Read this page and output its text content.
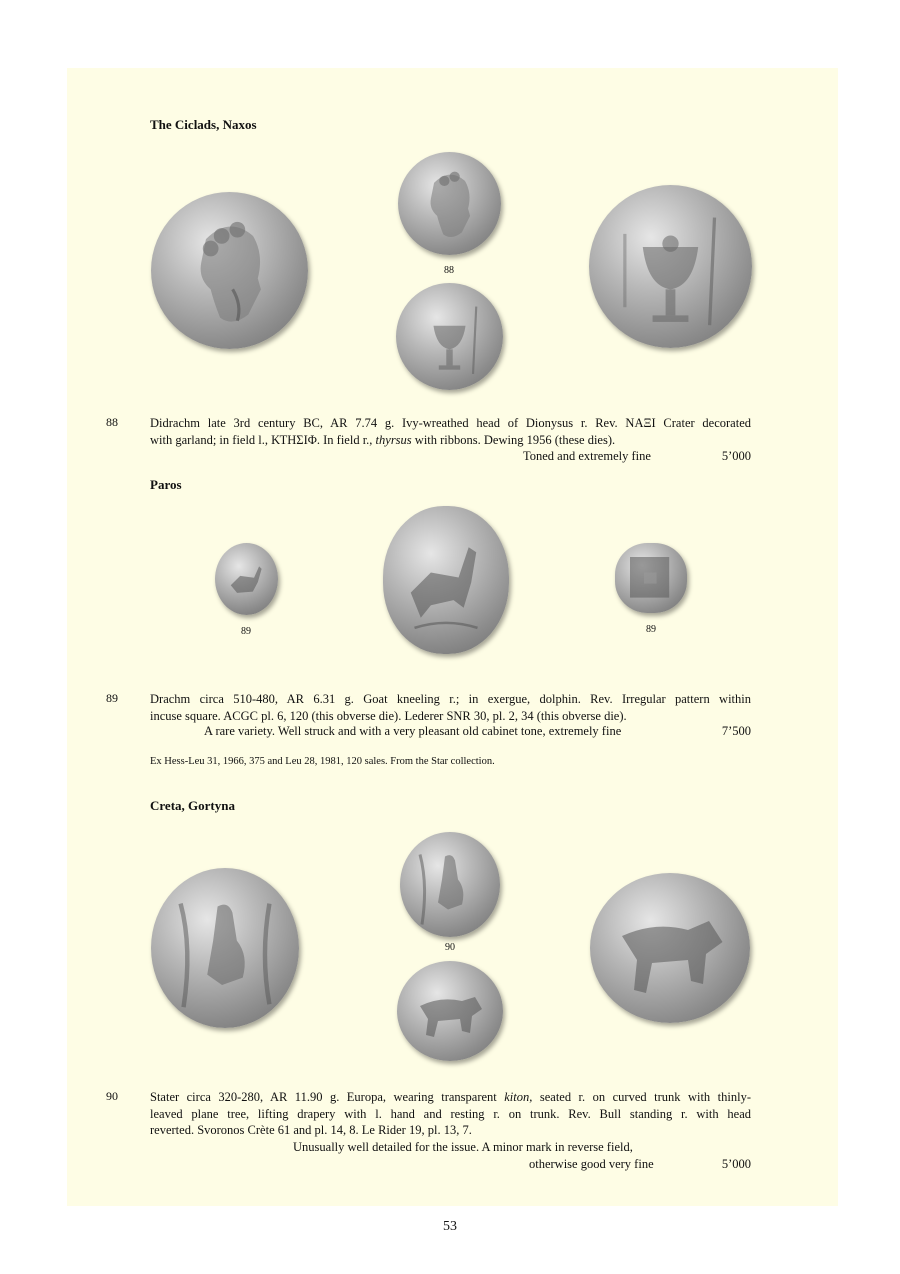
The Ciclads, Naxos
88
88	Didrachm late 3rd century BC, AR 7.74 g. Ivy-wreathed head of Dionysus r. Rev. ΝΑΞΙ Crater decorated
with garland; in field l., ΚΤΗΣΙΦ. In field r., thyrsus with ribbons. Dewing 1956 (these dies).
Toned and extremely fine	5’000
Paros
89	89
89	Drachm circa 510-480, AR 6.31 g. Goat kneeling r.; in exergue, dolphin. Rev. Irregular pattern within
incuse square. ACGC pl. 6, 120 (this obverse die). Lederer SNR 30, pl. 2, 34 (this obverse die).
A rare variety. Well struck and with a very pleasant old cabinet tone, extremely fine	7’500
Ex Hess-Leu 31, 1966, 375 and Leu 28, 1981, 120 sales. From the Star collection.
Creta, Gortyna
90
90	Stater circa 320-280, AR 11.90 g. Europa, wearing transparent kiton, seated r. on curved trunk with thinly-
leaved plane tree, lifting drapery with l. hand and resting r. on trunk. Rev. Bull standing r. with head
reverted. Svoronos Crète 61 and pl. 14, 8. Le Rider 19, pl. 13, 7.
Unusually well detailed for the issue. A minor mark in reverse field,
otherwise good very fine	5’000
53
